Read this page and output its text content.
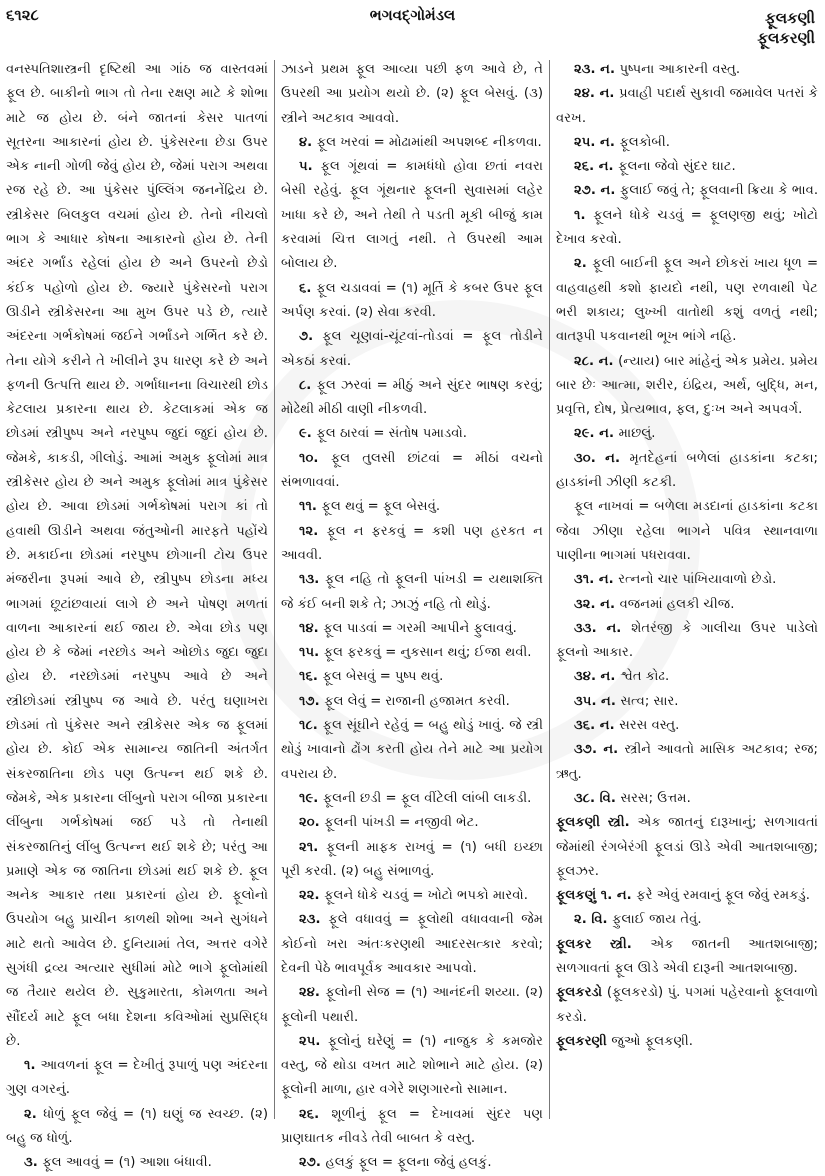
૬૧૨૮	ભગવદ્ગોમંડલ	ફૂલકણી
ફૂલકરણી

વનસ્પતિશાસ્ત્રની દૃષ્ટિથી આ ગાંઠ જ વાસ્તવમાં ફૂલ છે. બાકીનો ભાગ તો તેના રક્ષણ માટે કે શોભા માટે જ હોય છે. બંને જાતનાં કેસર પાતળાં સૂતરના આકારનાં હોય છે. પુંકેસરના છેડા ઉપર એક નાની ગોળી જેવું હોય છે, જેમાં પરાગ અથવા રજ રહે છે. આ પુંકેસર પુંલ્લિંગ જનનેંદ્રિય છે. સ્ત્રીકેસર બિલકુલ વચમાં હોય છે. તેનો નીચલો ભાગ કે આધાર કોષના આકારનો હોય છે. તેની અંદર ગર્ભાંડ રહેલાં હોય છે અને ઉપરનો છેડો કંઈક પહોળો હોય છે. જ્યારે પુંકેસરનો પરાગ ઊડીને સ્ત્રીકેસરના આ મુખ ઉપર પડે છે, ત્યારે અંદરના ગર્ભકોષમાં જઈને ગર્ભાંડને ગર્ભિત કરે છે. તેના યોગે કરીને તે ખીલીને રૂપ ધારણ કરે છે અને ફળની ઉત્પત્તિ થાય છે. ગર્ભાધાનના વિચારથી છોડ કેટલાય પ્રકારના થાય છે. કેટલાકમાં એક જ છોડમાં સ્ત્રીપુષ્પ અને નરપુષ્પ જુદાં જુદાં હોય છે. જેમકે, કાકડી, ગીલોડું. આમાં અમુક ફૂલોમાં માત્ર સ્ત્રીકેસર હોય છે અને અમુક ફૂલોમાં માત્ર પુંકેસર હોય છે. આવા છોડમાં ગર્ભકોષમાં પરાગ કાં તો હવાથી ઊડીને અથવા જંતુઓની મારફતે પહોંચે છે. મકાઈના છોડમાં નરપુષ્પ છોગાની ટોચ ઉપર મંજરીના રૂપમાં આવે છે, સ્ત્રીપુષ્પ છોડના મધ્ય ભાગમાં છૂટાંછવાયાં લાગે છે અને પોષણ મળતાં વાળના આકારનાં થઈ જાય છે. એવા છોડ પણ હોય છે કે જેમાં નરછોડ અને ઓછોડ જુદા જુદા હોય છે. નરછોડમાં નરપુષ્પ આવે છે અને સ્ત્રીછોડમાં સ્ત્રીપુષ્પ જ આવે છે. પરંતુ ઘણાખરા છોડમાં તો પુંકેસર અને સ્ત્રીકેસર એક જ ફૂલમાં હોય છે. કોઈ એક સામાન્ય જાતિની અંતર્ગત સંકરજાતિના છોડ પણ ઉત્પન્ન થઈ શકે છે. જેમકે, એક પ્રકારના લીંબુનો પરાગ બીજા પ્રકારના લીંબુના ગર્ભકોષમાં જઈ પડે તો તેનાથી સંકરજાતિનું લીંબુ ઉત્પન્ન થઈ શકે છે; પરંતુ આ પ્રમાણે એક જ જાતિના છોડમાં થઈ શકે છે. ફૂલ અનેક આકાર તથા પ્રકારનાં હોય છે. ફૂલોનો ઉપયોગ બહુ પ્રાચીન કાળથી શોભા અને સુગંધને માટે થતો આવેલ છે. દુનિયામાં તેલ, અત્તર વગેરે સુગંધી દ્રવ્ય અત્યાર સુધીમાં મોટે ભાગે ફૂલોમાંથી જ તૈયાર થયેલ છે. સુકુમારતા, કોમળતા અને સૌંદર્ય માટે ફૂલ બધા દેશના કવિઓમાં સુપ્રસિદ્ધ છે.

૧. આવળનાં ફૂલ = દેખીતું રૂપાળું પણ અંદરના ગુણ વગરનું.

૨. ધોળું ફૂલ જેવું = (૧) ઘણું જ સ્વચ્છ. (૨) બહુ જ ધોળું.

૩. ફૂલ આવવું = (૧) આશા બંધાવી.

ઝાડને પ્રથમ ફૂલ આવ્યા પછી ફળ આવે છે, તે ઉપરથી આ પ્રયોગ થયો છે. (૨) ફૂલ બેસવું. (૩) સ્ત્રીને અટકાવ આવવો.

૪. ફૂલ ખરવાં = મોઢામાંથી અપશબ્દ નીકળવા.

૫. ફૂલ ગૂંથવાં = કામધંધો હોવા છતાં નવરા બેસી રહેવું. ફૂલ ગૂંથનાર ફૂલની સુવાસમાં લહેર ખાધા કરે છે, અને તેથી તે પડતી મૂકી બીજું કામ કરવામાં ચિત્ત લાગતું નથી. તે ઉપરથી આમ બોલાય છે.

૬. ફૂલ ચડાવવાં = (૧) મૂર્તિ કે કબર ઉપર ફૂલ અર્પણ કરવાં. (૨) સેવા કરવી.

૭. ફૂલ ચૂણવાં-ચૂંટવાં-તોડવાં = ફૂલ તોડીને એકઠાં કરવાં.

૮. ફૂલ ઝરવાં = મીઠું અને સુંદર ભાષણ કરવું; મોઢેથી મીઠી વાણી નીકળવી.

૯. ફૂલ ઠારવાં = સંતોષ પમાડવો.

૧૦. ફૂલ તુલસી છાંટવાં = મીઠાં વચનો સંભળાવવાં.

૧૧. ફૂલ થવું = ફૂલ બેસવું.

૧૨. ફૂલ ન ફરકવું = કશી પણ હરકત ન આવવી.

૧૩. ફૂલ નહિ તો ફૂલની પાંખડી = યથાશક્તિ જે કંઈ બની શકે તે; ઝાઝું નહિ તો થોડું.

૧૪. ફૂલ પાડવાં = ગરમી આપીને ફુલાવવું.

૧૫. ફૂલ ફરકવું = નુકસાન થવું; ઈજા થવી.

૧૬. ફૂલ બેસવું = પુષ્પ થવું.

૧૭. ફૂલ લેવું = રાજાની હજામત કરવી.

૧૮. ફૂલ સૂંઘીને રહેવું = બહુ થોડું ખાવું. જે સ્ત્રી થોડું ખાવાનો ઢોંગ કરતી હોય તેને માટે આ પ્રયોગ વપરાય છે.

૧૯. ફૂલની છડી = ફૂલ વીંટેલી લાંબી લાકડી.

૨૦. ફૂલની પાંખડી = નજીવી ભેટ.

૨૧. ફૂલની માફક રાખવું = (૧) બધી ઇચ્છા પૂરી કરવી. (૨) બહુ સંભાળવું.

૨૨. ફૂલને ધોકે ચડવું = ખોટો ભપકો મારવો.

૨૩. ફૂલે વધાવવું = ફૂલોથી વધાવવાની જેમ કોઈનો ખરા અંતઃકરણથી આદરસત્કાર કરવો; દેવની પેઠે ભાવપૂર્વક આવકાર આપવો.

૨૪. ફૂલોની સેજ = (૧) આનંદની શય્યા. (૨) ફૂલોની પથારી.

૨૫. ફૂલોનું ઘરેણું = (૧) નાજુક કે કમજોર વસ્તુ, જે થોડા વખત માટે શોભાને માટે હોય. (૨) ફૂલોની માળા, હાર વગેરે શણગારનો સામાન.

૨૬. શૂળીનું ફૂલ = દેખાવમાં સુંદર પણ પ્રાણઘાતક નીવડે તેવી બાબત કે વસ્તુ.

૨૭. હલકું ફૂલ = ફૂલના જેવું હલકું.

૨૩. ન. પુષ્પના આકારની વસ્તુ.

૨૪. ન. પ્રવાહી પદાર્થ સુકાવી જમાવેલ પતરાં કે વરખ.

૨૫. ન. ફૂલકોબી.

૨૬. ન. ફૂલના જેવો સુંદર ઘાટ.

૨૭. ન. ફુલાઈ જવું તે; ફૂલવાની ક્રિયા કે ભાવ.

૧. ફૂલને ધોકે ચડવું = ફૂલણજી થવું; ખોટો દેખાવ કરવો.

૨. ફૂલી બાઈની ફૂલ અને છોકરાં ખાય ધૂળ = વાહવાહથી કશો ફાયદો નથી, પણ રળવાથી પેટ ભરી શકાય; લુખ્ખી વાતોથી કશું વળતું નથી; વાતરૂપી પકવાનથી ભૂખ ભાંગે નહિ.

૨૮. ન. (ન્યાય) બાર માંહેનું એક પ્રમેય. પ્રમેય બાર છેઃ આત્મા, શરીર, ઇંદ્રિય, અર્થ, બુદ્ધિ, મન, પ્રવૃત્તિ, દોષ, પ્રેત્યભાવ, ફલ, દુઃખ અને અપવર્ગ.

૨૯. ન. માછલું.

૩૦. ન. મૃતદેહનાં બળેલાં હાડકાંના કટકા; હાડકાંની ઝીણી કટકી.

ફૂલ નાખવાં = બળેલા મડદાનાં હાડકાંના કટકા જેવા ઝીણા રહેલા ભાગને પવિત્ર સ્થાનવાળા પાણીના ભાગમાં પધરાવવા.

૩૧. ન. રત્નનો ચાર પાંખિયાવાળો છેડો.

૩૨. ન. વજનમાં હલકી ચીજ.

૩૩. ન. શેતરંજી કે ગાલીચા ઉપર પાડેલો ફૂલનો આકાર.

૩૪. ન. શ્વેત કોઢ.

૩૫. ન. સત્વ; સાર.

૩૬. ન. સરસ વસ્તુ.

૩૭. ન. સ્ત્રીને આવતો માસિક અટકાવ; રજ; ઋતુ.

૩૮. વિ. સરસ; ઉત્તમ.

ફૂલકણી સ્ત્રી. એક જાતનું દારૂખાનું; સળગાવતાં જેમાંથી રંગબેરંગી ફૂલડાં ઊડે એવી આતશબાજી; ફૂલઝર.

ફૂલકણું ૧. ન. ફરે એવું રમવાનું ફૂલ જેવું રમકડું.

૨. વિ. ફુલાઈ જાય તેવું.

ફૂલકર સ્ત્રી. એક જાતની આતશબાજી; સળગાવતાં ફૂલ ઊડે એવી દારૂની આતશબાજી.

ફૂલકરડો (ફૂલકરડો) પું. પગમાં પહેરવાનો ફૂલવાળો કરડો.

ફૂલકરણી જુઓ ફૂલકણી.
